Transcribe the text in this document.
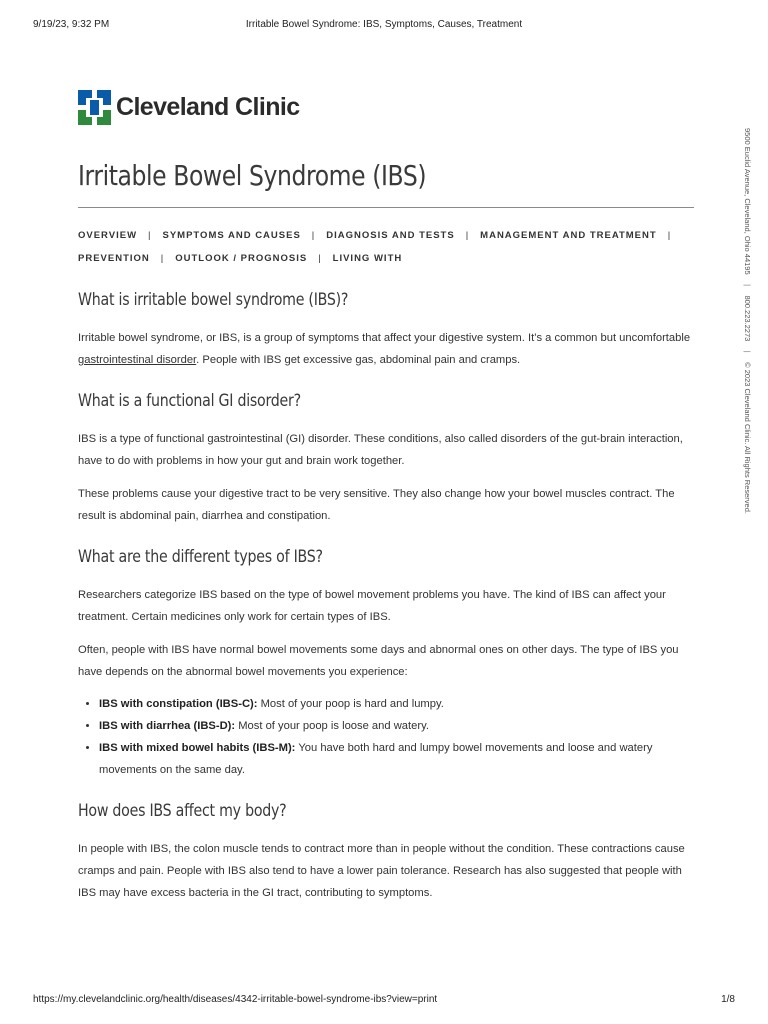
9/19/23, 9:32 PM	Irritable Bowel Syndrome: IBS, Symptoms, Causes, Treatment
9500 Euclid Avenue, Cleveland, Ohio 44195
|
800.223.2273
|
© 2023 Cleveland Clinic. All Rights Reserved.
Cleveland Clinic
Irritable Bowel Syndrome (IBS)
OVERVIEW | SYMPTOMS AND CAUSES | DIAGNOSIS AND TESTS | MANAGEMENT AND TREATMENT |
PREVENTION | OUTLOOK / PROGNOSIS | LIVING WITH
What is irritable bowel syndrome (IBS)?

Irritable bowel syndrome, or IBS, is a group of symptoms that affect your digestive system. It’s a common but uncomfortable gastrointestinal disorder. People with IBS get excessive gas, abdominal pain and cramps.

What is a functional GI disorder?

IBS is a type of functional gastrointestinal (GI) disorder. These conditions, also called disorders of the gut-brain interaction, have to do with problems in how your gut and brain work together.

These problems cause your digestive tract to be very sensitive. They also change how your bowel muscles contract. The result is abdominal pain, diarrhea and constipation.

What are the different types of IBS?

Researchers categorize IBS based on the type of bowel movement problems you have. The kind of IBS can affect your treatment. Certain medicines only work for certain types of IBS.

Often, people with IBS have normal bowel movements some days and abnormal ones on other days. The type of IBS you have depends on the abnormal bowel movements you experience:

• IBS with constipation (IBS-C): Most of your poop is hard and lumpy.
• IBS with diarrhea (IBS-D): Most of your poop is loose and watery.
• IBS with mixed bowel habits (IBS-M): You have both hard and lumpy bowel movements and loose and watery movements on the same day.
How does IBS affect my body?

In people with IBS, the colon muscle tends to contract more than in people without the condition. These contractions cause cramps and pain. People with IBS also tend to have a lower pain tolerance. Research has also suggested that people with IBS may have excess bacteria in the GI tract, contributing to symptoms.

https://my.clevelandclinic.org/health/diseases/4342-irritable-bowel-syndrome-ibs?view=print	1/8
